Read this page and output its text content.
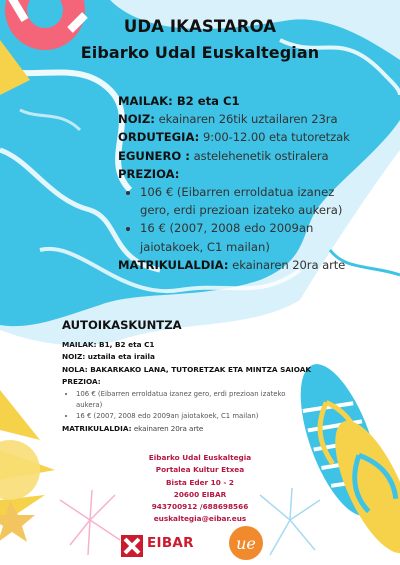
UDA IKASTAROA
Eibarko Udal Euskaltegian
MAILAK: B2 eta C1
NOIZ: ekainaren 26tik uztailaren 23ra
ORDUTEGIA: 9:00-12.00 eta tutoretzak
EGUNERO : astelehenetik ostiralera
PREZIOA:
• 106 € (Eibarren erroldatua izanez
gero, erdi prezioan izateko aukera)
• 16 € (2007, 2008 edo 2009an
jaiotakoek, C1 mailan)
MATRIKULALDIA: ekainaren 20ra arte
AUTOIKASKUNTZA
MAILAK: B1, B2 eta C1
NOIZ: uztaila eta iraila
NOLA: BAKARKAKO LANA, TUTORETZAK ETA MINTZA SAIOAK
PREZIOA:
• 106 € (Eibarren erroldatua izanez gero, erdi prezioan izateko
aukera)
• 16 € (2007, 2008 edo 2009an jaiotakoek, C1 mailan)
MATRIKULALDIA: ekainaren 20ra arte
Eibarko Udal Euskaltegia
Portalea Kultur Etxea
Bista Eder 10 - 2
20600 EIBAR
943700912 /688698566
euskaltegia@eibar.eus
EIBAR	ue
